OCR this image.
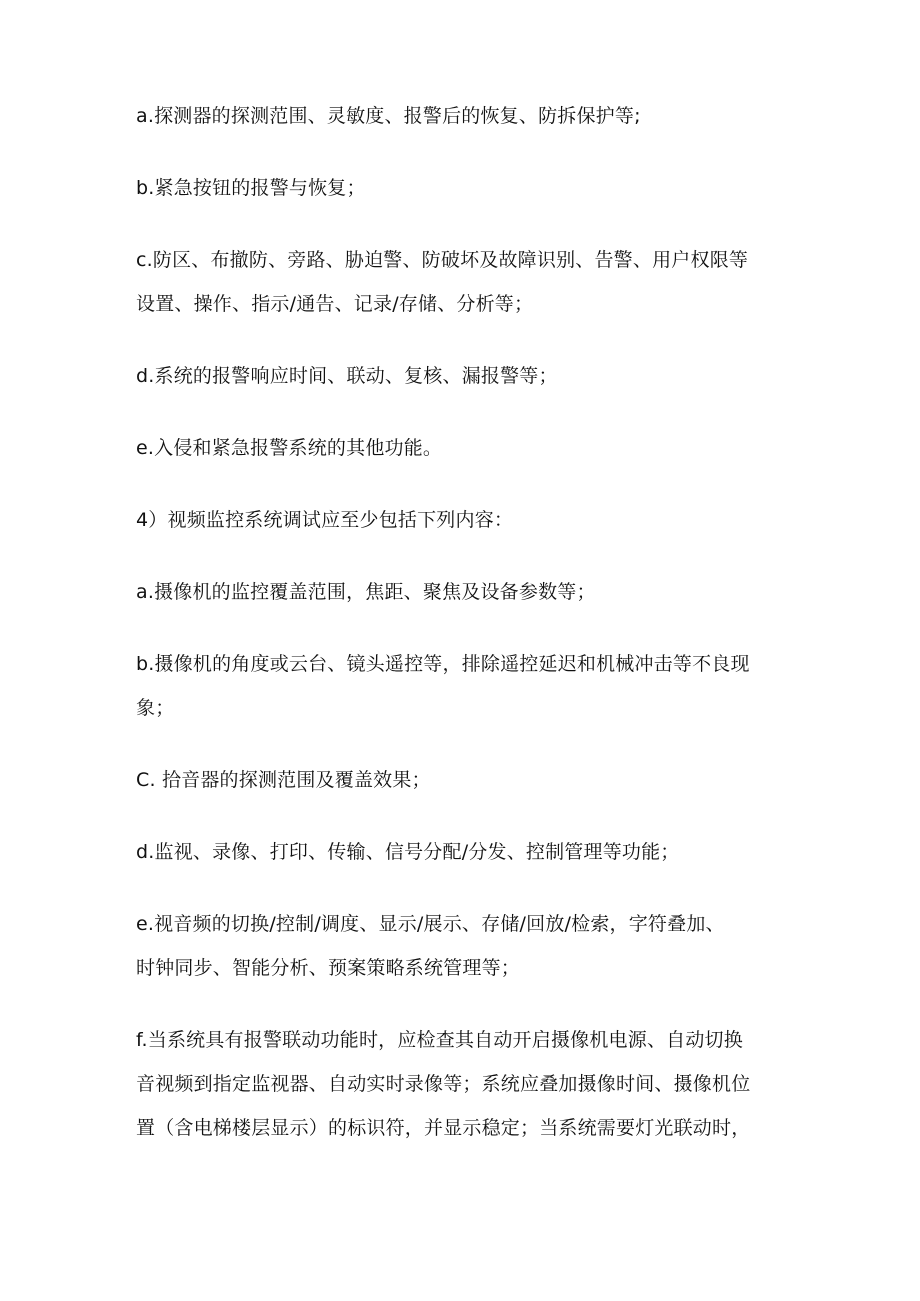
a.探测器的探测范围、灵敏度、报警后的恢复、防拆保护等;

b.紧急按钮的报警与恢复；

c.防区、布撤防、旁路、胁迫警、防破坏及故障识别、告警、用户权限等
设置、操作、指示/通告、记录/存储、分析等；

d.系统的报警响应时间、联动、复核、漏报警等；

e.入侵和紧急报警系统的其他功能。

4）视频监控系统调试应至少包括下列内容：

a.摄像机的监控覆盖范围，焦距、聚焦及设备参数等；

b.摄像机的角度或云台、镜头遥控等，排除遥控延迟和机械冲击等不良现
象；

C. 拾音器的探测范围及覆盖效果；

d.监视、录像、打印、传输、信号分配/分发、控制管理等功能；

e.视音频的切换/控制/调度、显示/展示、存储/回放/检索，字符叠加、
时钟同步、智能分析、预案策略系统管理等；

f.当系统具有报警联动功能时，应检查其自动开启摄像机电源、自动切换
音视频到指定监视器、自动实时录像等；系统应叠加摄像时间、摄像机位
置（含电梯楼层显示）的标识符，并显示稳定；当系统需要灯光联动时，
